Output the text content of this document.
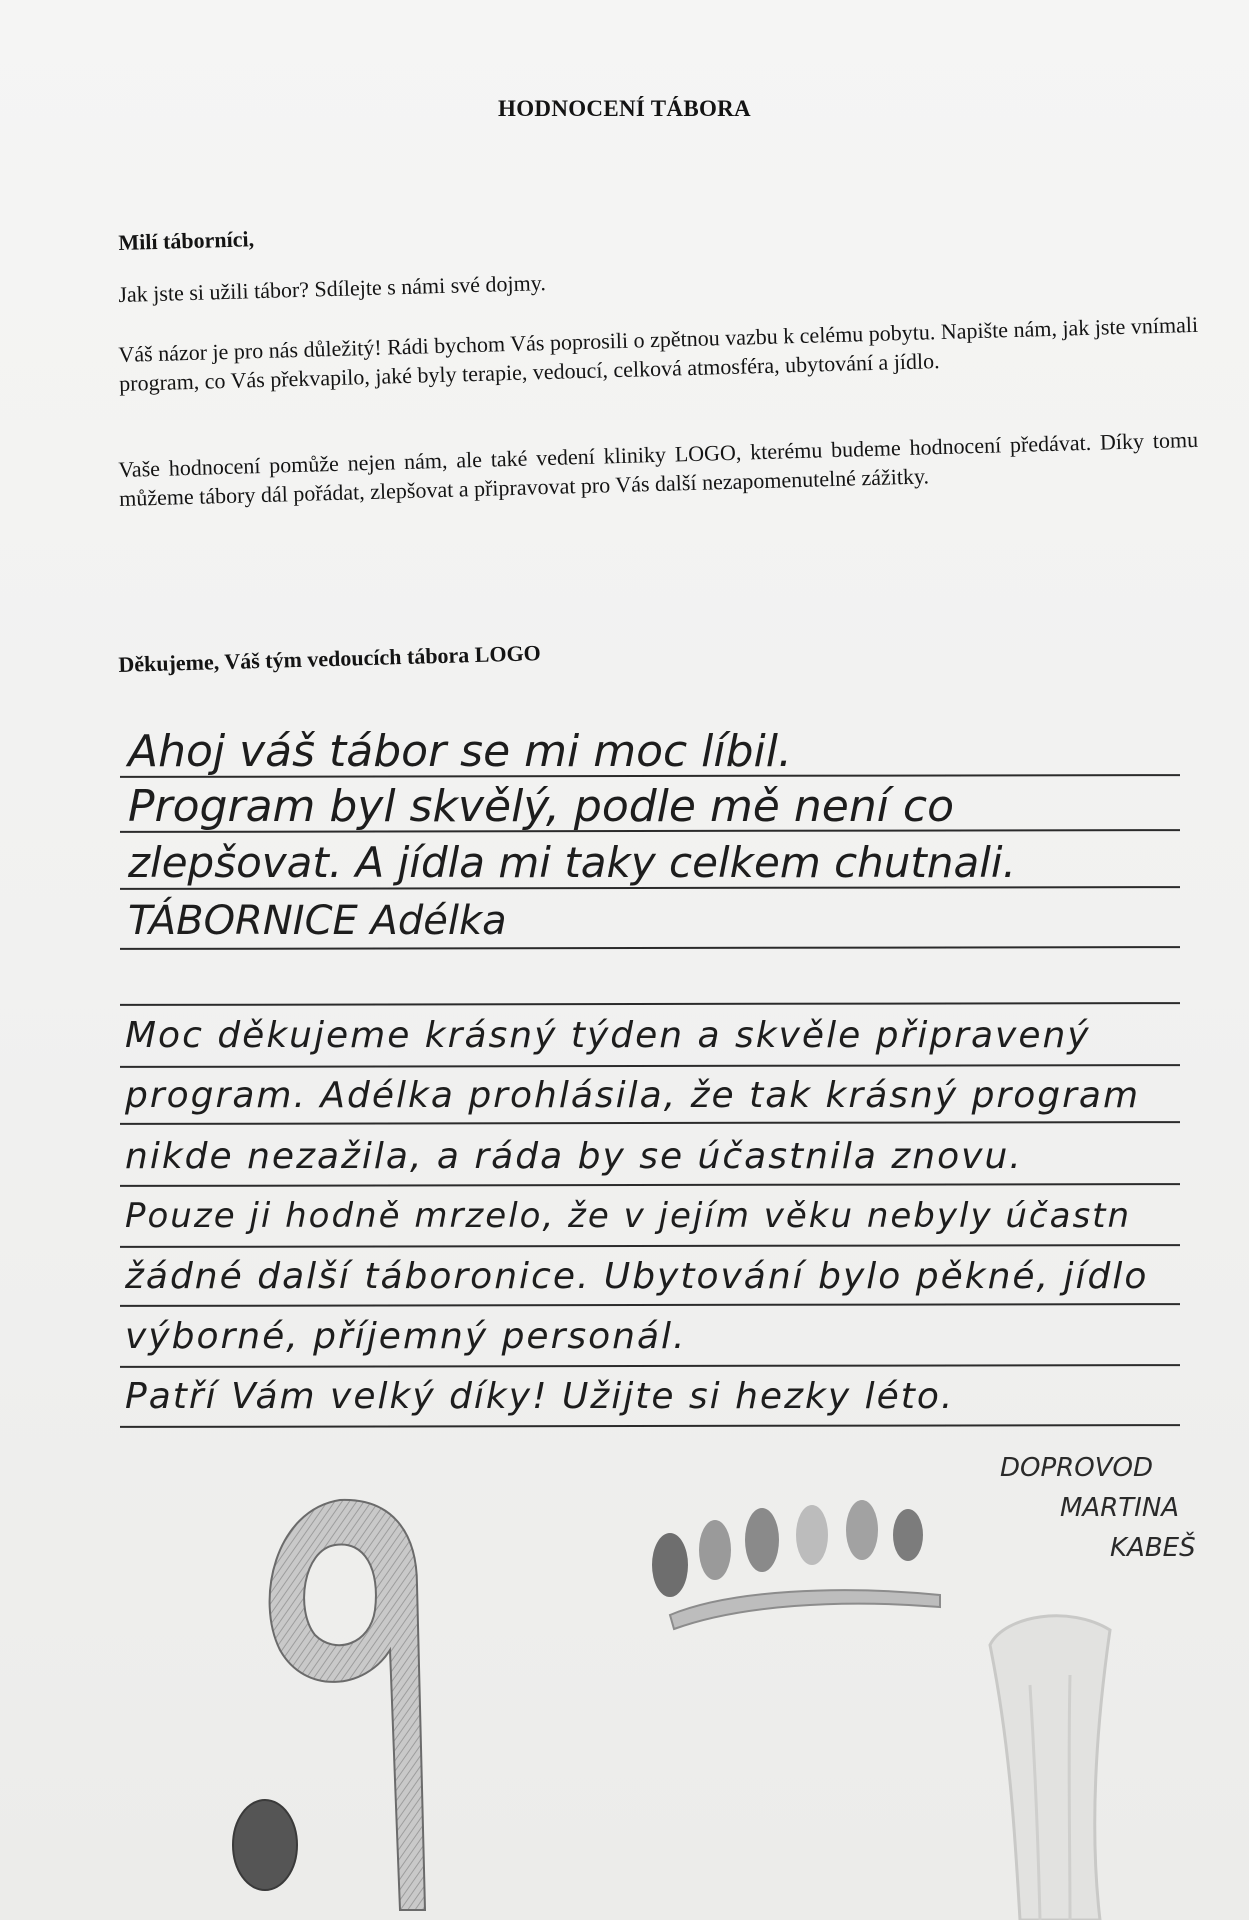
HODNOCENÍ TÁBORA
Milí táborníci,
Jak jste si užili tábor? Sdílejte s námi své dojmy.
Váš názor je pro nás důležitý! Rádi bychom Vás poprosili o zpětnou vazbu k celému pobytu. Napište nám, jak jste vnímali program, co Vás překvapilo, jaké byly terapie, vedoucí, celková atmosféra, ubytování a jídlo.
Vaše hodnocení pomůže nejen nám, ale také vedení kliniky LOGO, kterému budeme hodnocení předávat. Díky tomu můžeme tábory dál pořádat, zlepšovat a připravovat pro Vás další nezapomenutelné zážitky.
Děkujeme, Váš tým vedoucích tábora LOGO
Ahoj váš tábor se mi moc líbil.
Program byl skvělý, podle mě není co
zlepšovat. A jídla mi taky celkem chutnali.
TÁBORNICE Adélka
Moc děkujeme krásný týden a skvěle připravený
program. Adélka prohlásila, že tak krásný program
nikde nezažila, a ráda by se účastnila znovu.
Pouze ji hodně mrzelo, že v jejím věku nebyly účastn
žádné další táboronice. Ubytování bylo pěkné, jídlo
výborné, příjemný personál.
Patří Vám velký díky! Užijte si hezky léto.
DOPROVOD
MARTINA
KABEŠ
